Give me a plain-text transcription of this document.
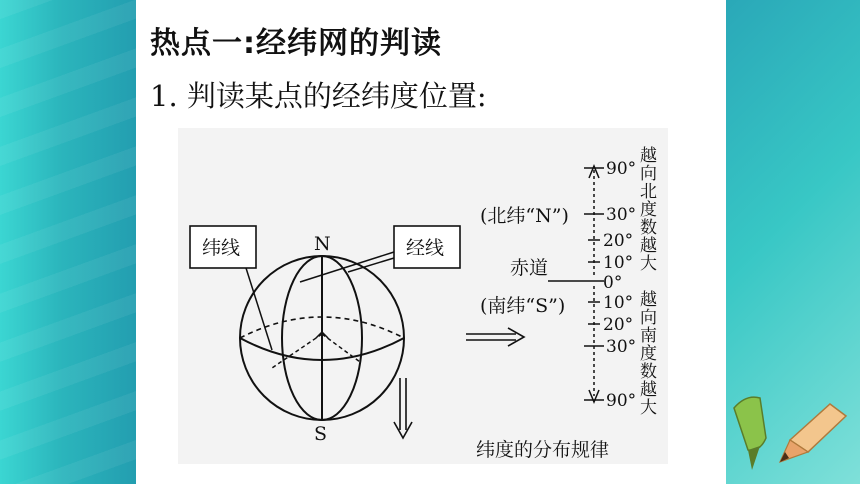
热点一:经纬网的判读
1. 判读某点的经纬度位置:
纬线	经线
N
S
90°
30°
20°
10°
0°
10°
20°
30°
90°
(北纬“N”)
赤道
(南纬“S”)
越向北度数越大
越向南度数越大
纬度的分布规律
